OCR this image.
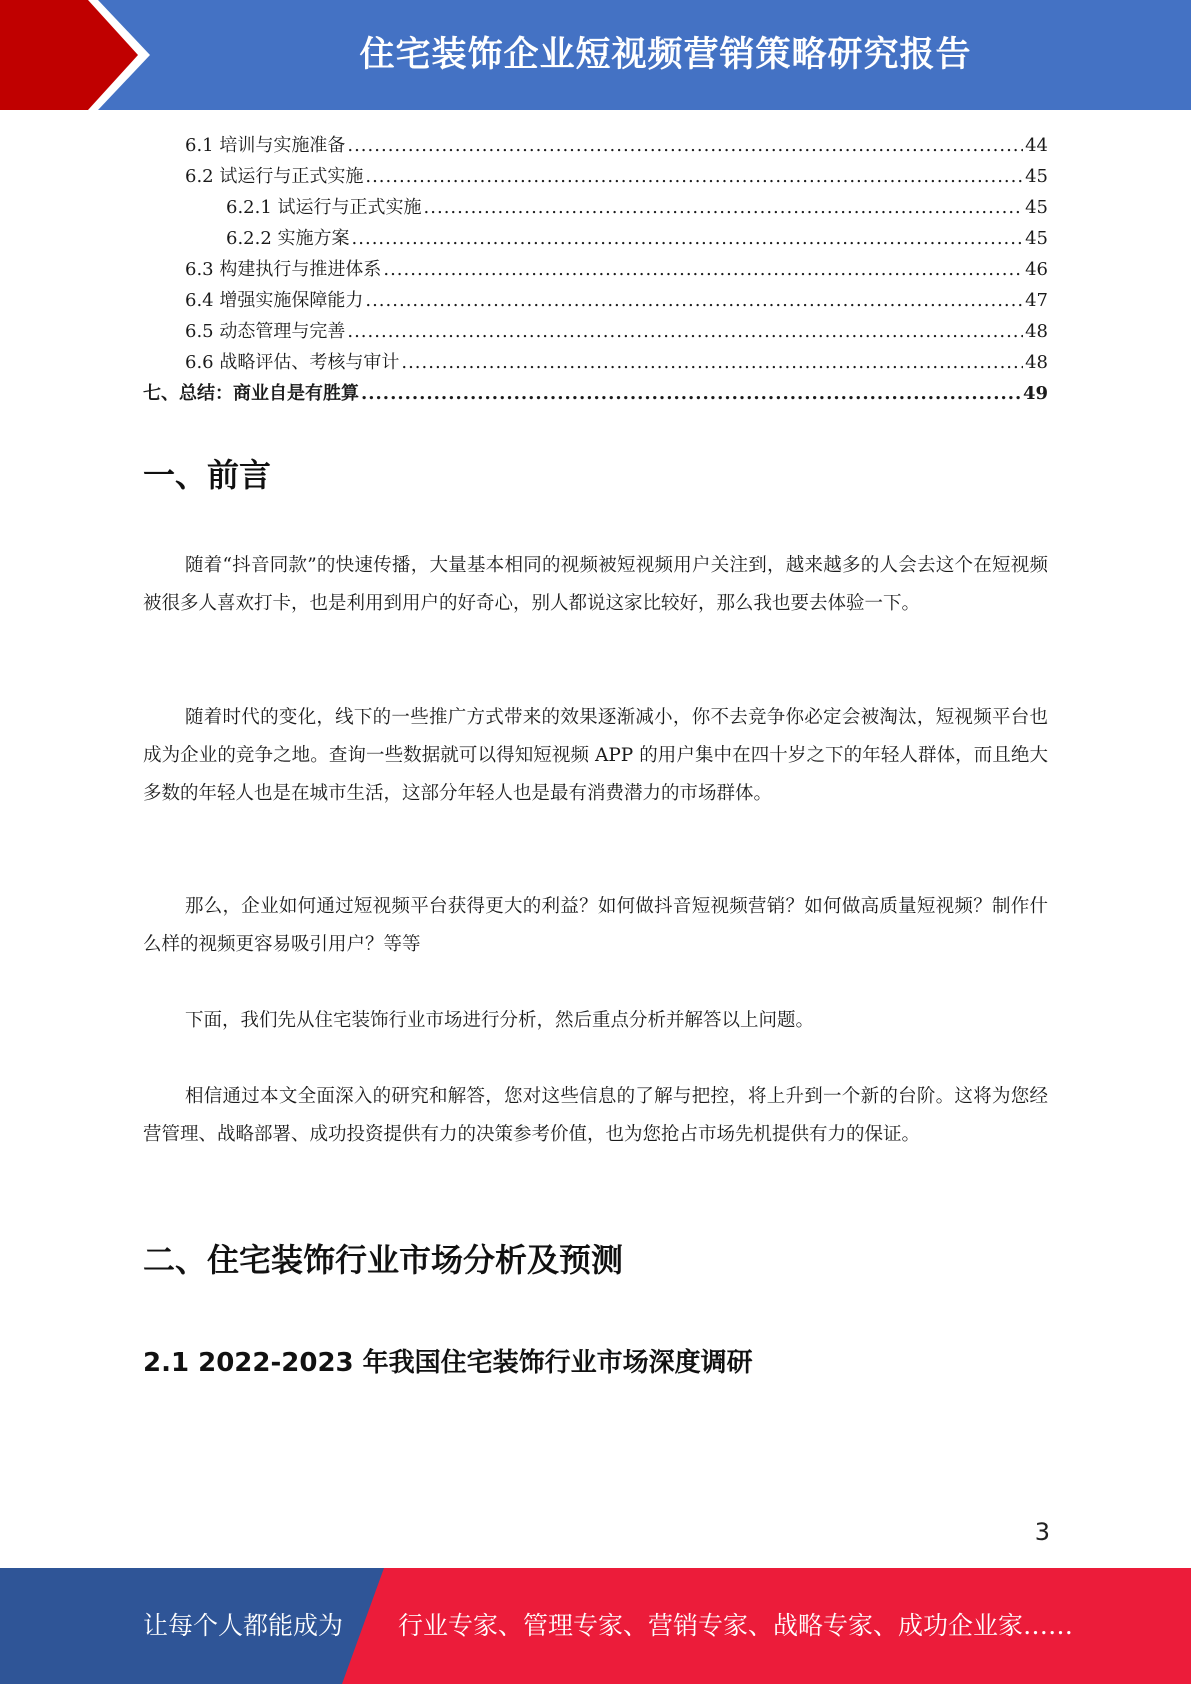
住宅装饰企业短视频营销策略研究报告
6.1 培训与实施准备 .....	44
6.2 试运行与正式实施 .....	45
6.2.1 试运行与正式实施 .....	45
6.2.2 实施方案 .....	45
6.3 构建执行与推进体系 .....	46
6.4 增强实施保障能力 .....	47
6.5 动态管理与完善 .....	48
6.6 战略评估、考核与审计 .....	48
七、总结：商业自是有胜算 .....	49
一、前言
随着“抖音同款”的快速传播，大量基本相同的视频被短视频用户关注到，越来越多的人会去这个在短视频被很多人喜欢打卡，也是利用到用户的好奇心，别人都说这家比较好，那么我也要去体验一下。
随着时代的变化，线下的一些推广方式带来的效果逐渐减小，你不去竞争你必定会被淘汰，短视频平台也成为企业的竞争之地。查询一些数据就可以得知短视频 APP 的用户集中在四十岁之下的年轻人群体，而且绝大多数的年轻人也是在城市生活，这部分年轻人也是最有消费潜力的市场群体。
那么，企业如何通过短视频平台获得更大的利益？如何做抖音短视频营销？如何做高质量短视频？制作什么样的视频更容易吸引用户？等等
下面，我们先从住宅装饰行业市场进行分析，然后重点分析并解答以上问题。
相信通过本文全面深入的研究和解答，您对这些信息的了解与把控，将上升到一个新的台阶。这将为您经营管理、战略部署、成功投资提供有力的决策参考价值，也为您抢占市场先机提供有力的保证。
二、住宅装饰行业市场分析及预测
2.1 2022-2023 年我国住宅装饰行业市场深度调研
3
让每个人都能成为 行业专家、管理专家、营销专家、战略专家、成功企业家……
